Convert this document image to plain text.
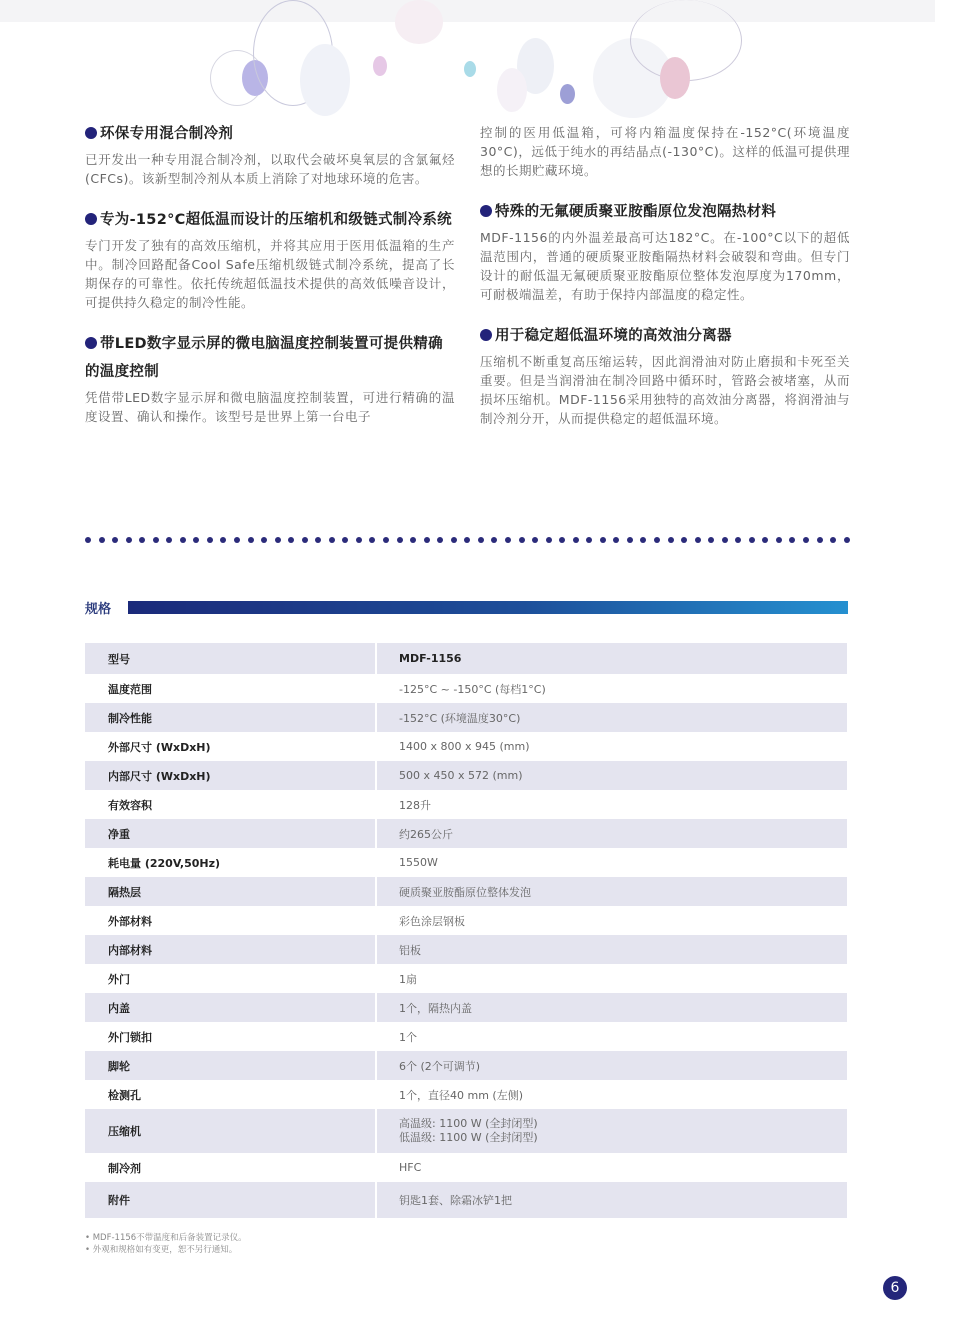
环保专用混合制冷剂

已开发出一种专用混合制冷剂，以取代会破坏臭氧层的含氯氟烃(CFCs)。该新型制冷剂从本质上消除了对地球环境的危害。

专为-152°C超低温而设计的压缩机和级链式制冷系统

专门开发了独有的高效压缩机，并将其应用于医用低温箱的生产中。制冷回路配备Cool Safe压缩机级链式制冷系统，提高了长期保存的可靠性。依托传统超低温技术提供的高效低噪音设计，可提供持久稳定的制冷性能。

带LED数字显示屏的微电脑温度控制装置可提供精确的温度控制

凭借带LED数字显示屏和微电脑温度控制装置，可进行精确的温度设置、确认和操作。该型号是世界上第一台电子

控制的医用低温箱，可将内箱温度保持在-152°C(环境温度30°C)，远低于纯水的再结晶点(-130°C)。这样的低温可提供理想的长期贮藏环境。

特殊的无氟硬质聚亚胺酯原位发泡隔热材料

MDF-1156的内外温差最高可达182°C。在-100°C以下的超低温范围内，普通的硬质聚亚胺酯隔热材料会破裂和弯曲。但专门设计的耐低温无氟硬质聚亚胺酯原位整体发泡厚度为170mm，可耐极端温差，有助于保持内部温度的稳定性。

用于稳定超低温环境的高效油分离器

压缩机不断重复高压缩运转，因此润滑油对防止磨损和卡死至关重要。但是当润滑油在制冷回路中循环时，管路会被堵塞，从而损坏压缩机。MDF-1156采用独特的高效油分离器，将润滑油与制冷剂分开，从而提供稳定的超低温环境。

规格
型号	MDF-1156
温度范围	-125°C ~ -150°C (每档1°C)
制冷性能	-152°C (环境温度30°C)
外部尺寸 (WxDxH)	1400 x 800 x 945 (mm)
内部尺寸 (WxDxH)	500 x 450 x 572 (mm)
有效容积	128升
净重	约265公斤
耗电量 (220V,50Hz)	1550W
隔热层	硬质聚亚胺酯原位整体发泡
外部材料	彩色涂层钢板
内部材料	铝板
外门	1扇
内盖	1个，隔热内盖
外门锁扣	1个
脚轮	6个 (2个可调节)
检测孔	1个，直径40 mm (左侧)
压缩机	高温级: 1100 W (全封闭型)
低温级: 1100 W (全封闭型)

制冷剂	HFC
附件	钥匙1套、除霜冰铲1把
• MDF-1156不带温度和后备装置记录仪。
• 外观和规格如有变更，恕不另行通知。
6
